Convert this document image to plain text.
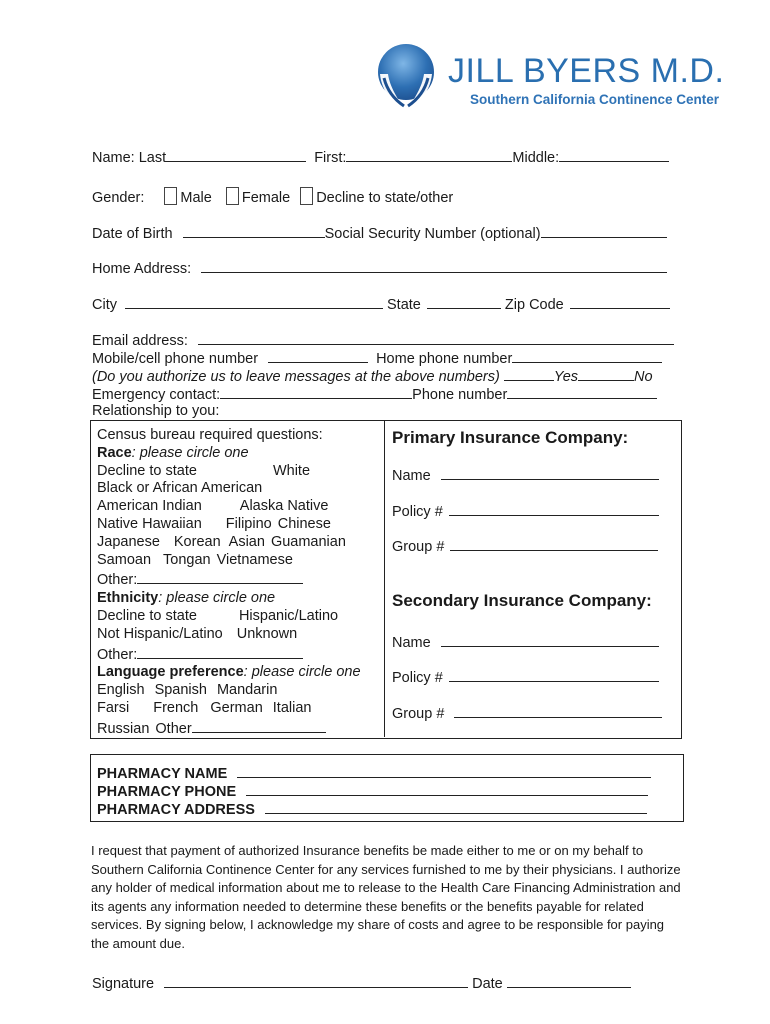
JILL BYERS M.D.
Southern California Continence Center
Name: Last	First:	Middle:
Gender: Male Female Decline to state/other
Date of Birth	Social Security Number (optional)
Home Address:
City	State	Zip Code
Email address:
Mobile/cell phone number	Home phone number
(Do you authorize us to leave messages at the above numbers)	Yes	No
Emergency contact:	Phone number
Relationship to you:
Census bureau required questions:
Race: please circle one
Decline to state	White
Black or African American
American Indian	Alaska Native
Native Hawaiian Filipino Chinese
Japanese Korean Asian Guamanian
Samoan Tongan Vietnamese
Other:
Ethnicity: please circle one
Decline to state	Hispanic/Latino
Not Hispanic/Latino Unknown
Other:
Language preference: please circle one
English Spanish Mandarin
Farsi French German Italian
Russian Other
Primary Insurance Company:
Name
Policy #
Group #
Secondary Insurance Company:
Name
Policy #
Group #
PHARMACY NAME
PHARMACY PHONE
PHARMACY ADDRESS
I request that payment of authorized Insurance benefits be made either to me or on my behalf to Southern California Continence Center for any services furnished to me by their physicians. I authorize any holder of medical information about me to release to the Health Care Financing Administration and its agents any information needed to determine these benefits or the benefits payable for related services. By signing below, I acknowledge my share of costs and agree to be responsible for paying the amount due.
Signature	Date
